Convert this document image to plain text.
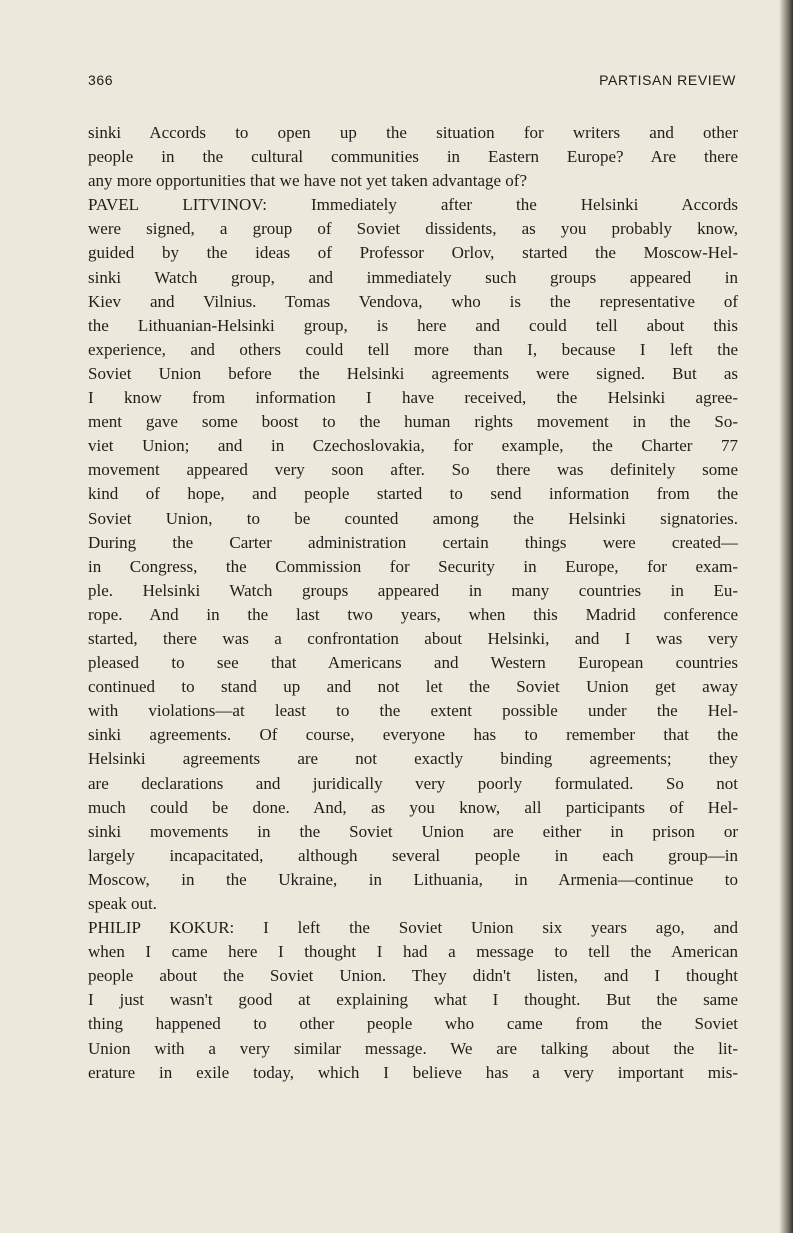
366	PARTISAN REVIEW
sinki Accords to open up the situation for writers and other
people in the cultural communities in Eastern Europe? Are there
any more opportunities that we have not yet taken advantage of?
PAVEL LITVINOV: Immediately after the Helsinki Accords
were signed, a group of Soviet dissidents, as you probably know,
guided by the ideas of Professor Orlov, started the Moscow-Hel-
sinki Watch group, and immediately such groups appeared in
Kiev and Vilnius. Tomas Vendova, who is the representative of
the Lithuanian-Helsinki group, is here and could tell about this
experience, and others could tell more than I, because I left the
Soviet Union before the Helsinki agreements were signed. But as
I know from information I have received, the Helsinki agree-
ment gave some boost to the human rights movement in the So-
viet Union; and in Czechoslovakia, for example, the Charter 77
movement appeared very soon after. So there was definitely some
kind of hope, and people started to send information from the
Soviet Union, to be counted among the Helsinki signatories.
During the Carter administration certain things were created—
in Congress, the Commission for Security in Europe, for exam-
ple. Helsinki Watch groups appeared in many countries in Eu-
rope. And in the last two years, when this Madrid conference
started, there was a confrontation about Helsinki, and I was very
pleased to see that Americans and Western European countries
continued to stand up and not let the Soviet Union get away
with violations—at least to the extent possible under the Hel-
sinki agreements. Of course, everyone has to remember that the
Helsinki agreements are not exactly binding agreements; they
are declarations and juridically very poorly formulated. So not
much could be done. And, as you know, all participants of Hel-
sinki movements in the Soviet Union are either in prison or
largely incapacitated, although several people in each group—in
Moscow, in the Ukraine, in Lithuania, in Armenia—continue to
speak out.
PHILIP KOKUR: I left the Soviet Union six years ago, and
when I came here I thought I had a message to tell the American
people about the Soviet Union. They didn't listen, and I thought
I just wasn't good at explaining what I thought. But the same
thing happened to other people who came from the Soviet
Union with a very similar message. We are talking about the lit-
erature in exile today, which I believe has a very important mis-
